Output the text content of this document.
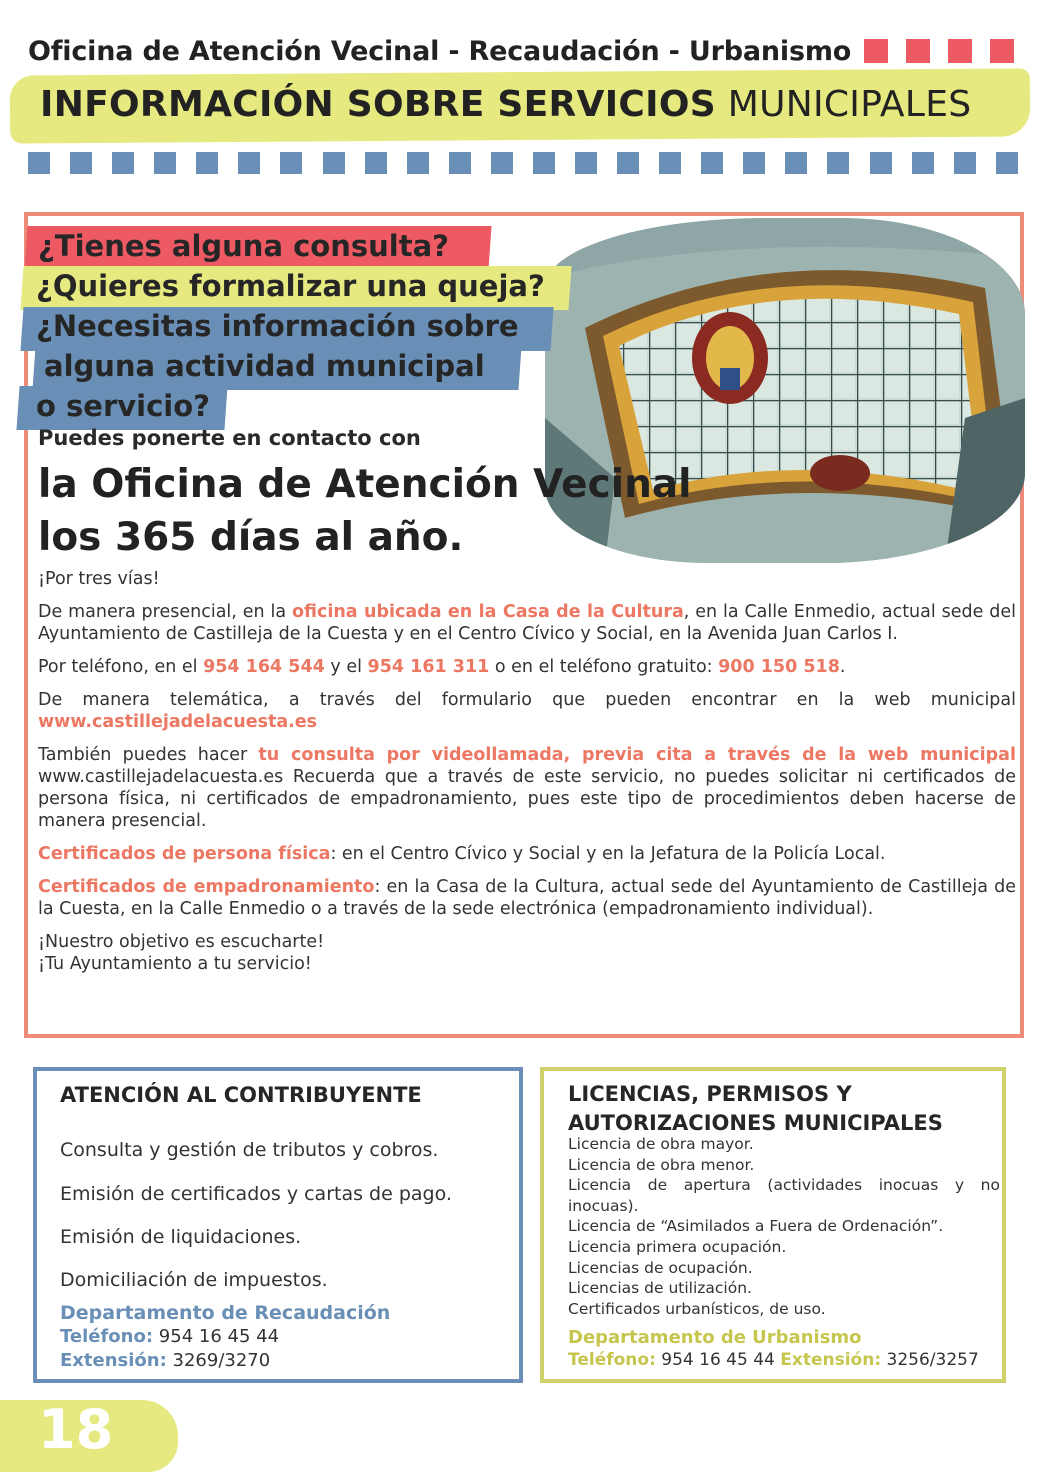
Oficina de Atención Vecinal - Recaudación - Urbanismo
INFORMACIÓN SOBRE SERVICIOS MUNICIPALES
¿Tienes alguna consulta?
¿Quieres formalizar una queja?
¿Necesitas información sobre
alguna actividad municipal
o servicio?
Puedes ponerte en contacto con
la Oficina de Atención Vecinal
los 365 días al año.

¡Por tres vías!

De manera presencial, en la oficina ubicada en la Casa de la Cultura, en la Calle Enmedio, actual sede del Ayuntamiento de Castilleja de la Cuesta y en el Centro Cívico y Social, en la Avenida Juan Carlos I.

Por teléfono, en el 954 164 544 y el 954 161 311 o en el teléfono gratuito: 900 150 518.

De manera telemática, a través del formulario que pueden encontrar en la web municipal www.castillejadelacuesta.es

También puedes hacer tu consulta por videollamada, previa cita a través de la web municipal www.castillejadelacuesta.es Recuerda que a través de este servicio, no puedes solicitar ni certificados de persona física, ni certificados de empadronamiento, pues este tipo de procedimientos deben hacerse de manera presencial.

Certificados de persona física: en el Centro Cívico y Social y en la Jefatura de la Policía Local.

Certificados de empadronamiento: en la Casa de la Cultura, actual sede del Ayuntamiento de Castilleja de la Cuesta, en la Calle Enmedio o a través de la sede electrónica (empadronamiento individual).

¡Nuestro objetivo es escucharte!
¡Tu Ayuntamiento a tu servicio!

ATENCIÓN AL CONTRIBUYENTE
Consulta y gestión de tributos y cobros.
Emisión de certificados y cartas de pago.
Emisión de liquidaciones.
Domiciliación de impuestos.
Departamento de Recaudación
Teléfono: 954 16 45 44
Extensión: 3269/3270
LICENCIAS, PERMISOS Y
AUTORIZACIONES MUNICIPALES
Licencia de obra mayor.
Licencia de obra menor.
Licencia de apertura (actividades inocuas y no inocuas).
Licencia de “Asimilados a Fuera de Ordenación”.
Licencia primera ocupación.
Licencias de ocupación.
Licencias de utilización.
Certificados urbanísticos, de uso.
Departamento de Urbanismo
Teléfono: 954 16 45 44 Extensión: 3256/3257
18
